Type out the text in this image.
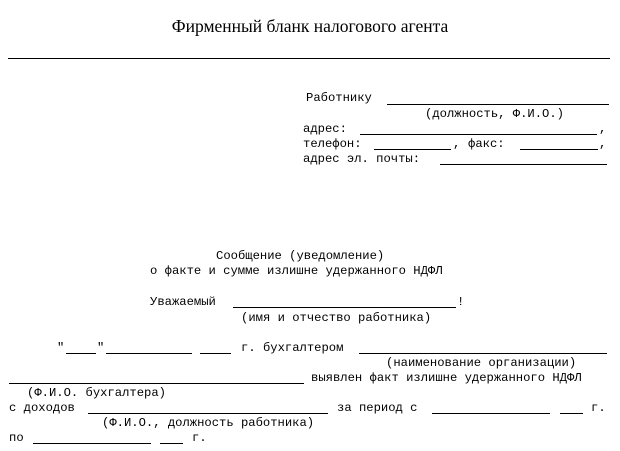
Фирменный бланк налогового агента
Работнику
(должность, Ф.И.О.)
адрес:	,
телефон:	, факс:	,
адрес эл. почты:
Сообщение (уведомление)
о факте и сумме излишне удержанного НДФЛ
Уважаемый	!
(имя и отчество работника)
"	"	г. бухгалтером
(наименование организации)
выявлен факт излишне удержанного НДФЛ
(Ф.И.О. бухгалтера)
с доходов	за период с	г.
(Ф.И.О., должность работника)
по	г.
